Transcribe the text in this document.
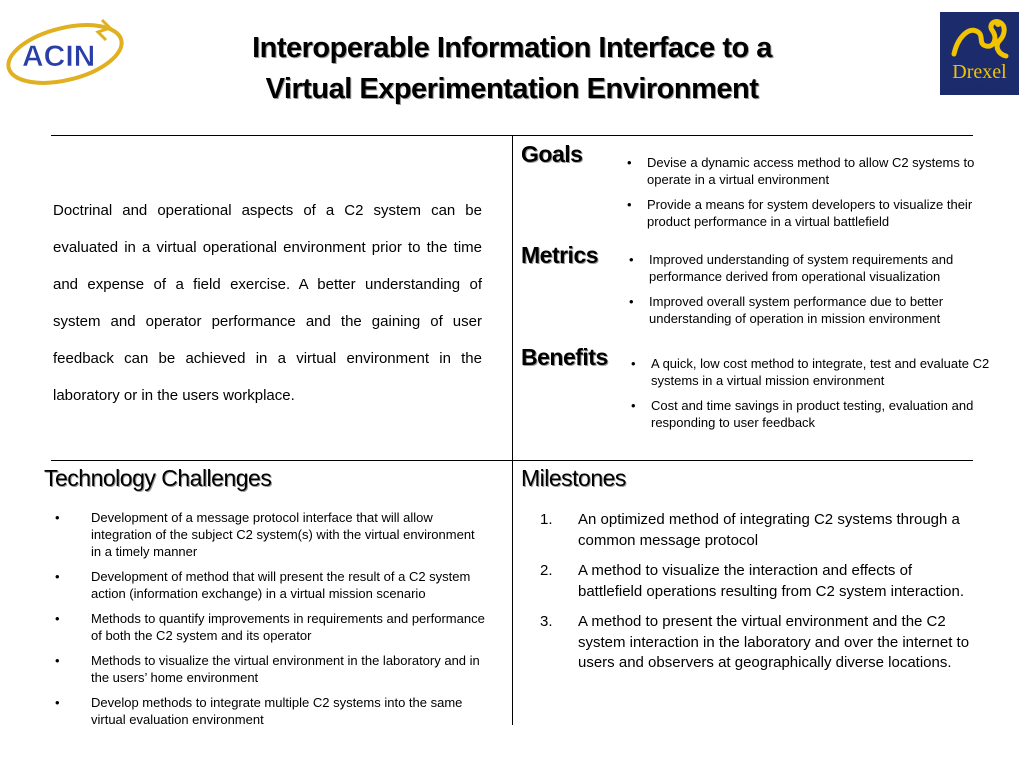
ACIN	Drexel
UNIVERSITY
Interoperable Information Interface to a
Virtual Experimentation Environment
Doctrinal and operational aspects of a C2 system can be evaluated in a virtual operational environment prior to the time and expense of a field exercise. A better understanding of system and operator performance and the gaining of user feedback can be achieved in a virtual environment in the laboratory or in the users workplace.
Goals	• Devise a dynamic access method to allow C2 systems to operate in a virtual environment
• Provide a means for system developers to visualize their product performance in a virtual battlefield
Metrics • Improved understanding of system requirements and performance derived from operational visualization
• Improved overall system performance due to better understanding of operation in mission environment
Benefits • A quick, low cost method to integrate, test and evaluate C2 systems in a virtual mission environment
• Cost and time savings in product testing, evaluation and responding to user feedback
Technology Challenges
• Development of a message protocol interface that will allow integration of the subject C2 system(s) with the virtual environment in a timely manner
• Development of method that will present the result of a C2 system action (information exchange) in a virtual mission scenario
• Methods to quantify improvements in requirements and performance of both the C2 system and its operator
• Methods to visualize the virtual environment in the laboratory and in the users’ home environment
• Develop methods to integrate multiple C2 systems into the same virtual evaluation environment
Milestones
1. An optimized method of integrating C2 systems through a common message protocol
2. A method to visualize the interaction and effects of battlefield operations resulting from C2 system interaction.
3. A method to present the virtual environment and the C2 system interaction in the laboratory and over the internet to users and observers at geographically diverse locations.
